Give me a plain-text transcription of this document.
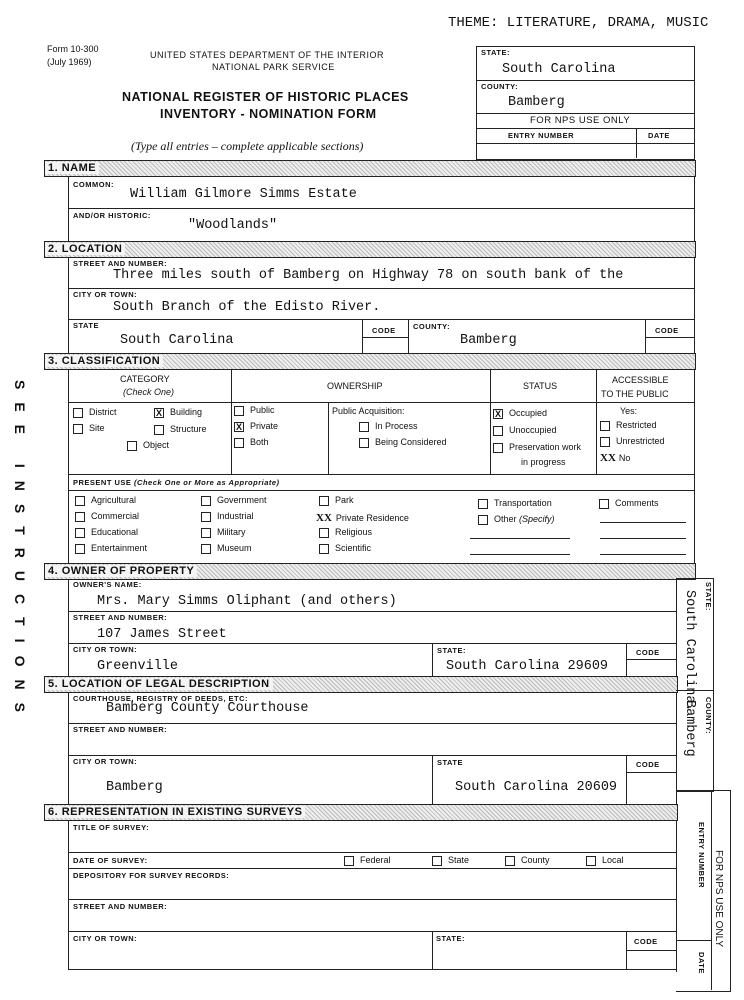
THEME: LITERATURE, DRAMA, MUSIC
Form 10-300
(July 1969)
UNITED STATES DEPARTMENT OF THE INTERIOR
NATIONAL PARK SERVICE
NATIONAL REGISTER OF HISTORIC PLACES
INVENTORY - NOMINATION FORM
(Type all entries – complete applicable sections)
SEE INSTRUCTIONS
STATE:
South Carolina
COUNTY:
Bamberg
FOR NPS USE ONLY
ENTRY NUMBER	DATE
1. NAME
COMMON:
William Gilmore Simms Estate
AND/OR HISTORIC:
"Woodlands"
2. LOCATION
STREET AND NUMBER:
Three miles south of Bamberg on Highway 78 on south bank of the
CITY OR TOWN:
South Branch of the Edisto River.
STATE
South Carolina
CODE COUNTY:
Bamberg
CODE
3. CLASSIFICATION
CATEGORY
(Check One)
OWNERSHIP	STATUS
ACCESSIBLE
TO THE PUBLIC
District	X Building
Site	Structure
Object
Public
X Private
Both
Public Acquisition:
In Process
Being Considered
X Occupied
Unoccupied
Preservation work
in progress
Yes:
Restricted
Unrestricted
XX No
PRESENT USE (Check One or More as Appropriate)
Agricultural
Commercial
Educational
Entertainment
Government
Industrial
Military
Museum
Park
XX Private Residence
Religious
Scientific
Transportation
Other (Specify)
Comments
4. OWNER OF PROPERTY
OWNER'S NAME:
Mrs. Mary Simms Oliphant (and others)
STREET AND NUMBER:
107 James Street
CITY OR TOWN:
Greenville
STATE:
South Carolina 29609
CODE
5. LOCATION OF LEGAL DESCRIPTION
COURTHOUSE, REGISTRY OF DEEDS, ETC:
Bamberg County Courthouse
STREET AND NUMBER:
CITY OR TOWN:
Bamberg
STATE
South Carolina 20609
CODE
6. REPRESENTATION IN EXISTING SURVEYS
TITLE OF SURVEY:
DATE OF SURVEY:	Federal	State	County	Local
DEPOSITORY FOR SURVEY RECORDS:
STREET AND NUMBER:
CITY OR TOWN:	STATE:	CODE
STATE:
South Carolina.
COUNTY:
Bamberg
FOR NPS USE ONLY
ENTRY NUMBER
DATE
